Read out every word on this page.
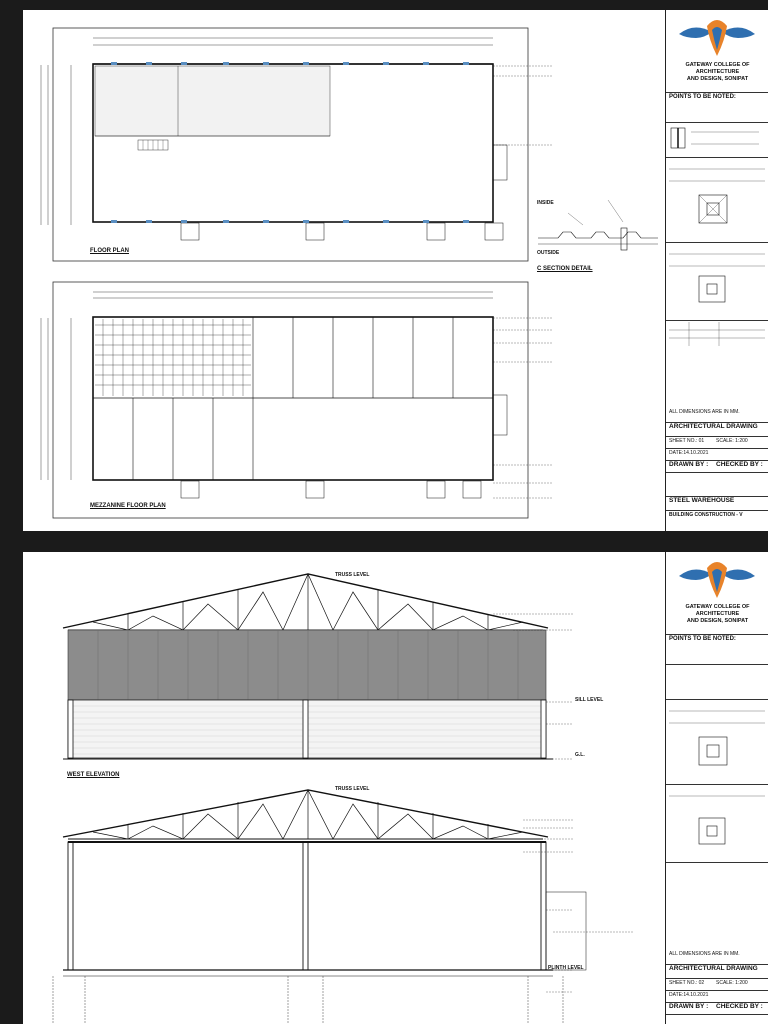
FLOOR PLAN
C SECTION DETAIL
INSIDE
OUTSIDE
MEZZANINE FLOOR PLAN
GATEWAY COLLEGE OF
ARCHITECTURE
AND DESIGN, SONIPAT
POINTS TO BE NOTED:
ALL DIMENSIONS ARE IN MM.
ARCHITECTURAL DRAWING
SHEET NO.: 01 SCALE: 1:200
DATE:14.10.2021
DRAWN BY : CHECKED BY :
STEEL WAREHOUSE
BUILDING CONSTRUCTION - V
TRUSS LEVEL
SILL LEVEL
G.L.
WEST ELEVATION
TRUSS LEVEL
PLINTH LEVEL
GATEWAY COLLEGE OF
ARCHITECTURE
AND DESIGN, SONIPAT
POINTS TO BE NOTED:
ALL DIMENSIONS ARE IN MM.
ARCHITECTURAL DRAWING
SHEET NO.: 02 SCALE: 1:200
DATE:14.10.2021
DRAWN BY : CHECKED BY :
